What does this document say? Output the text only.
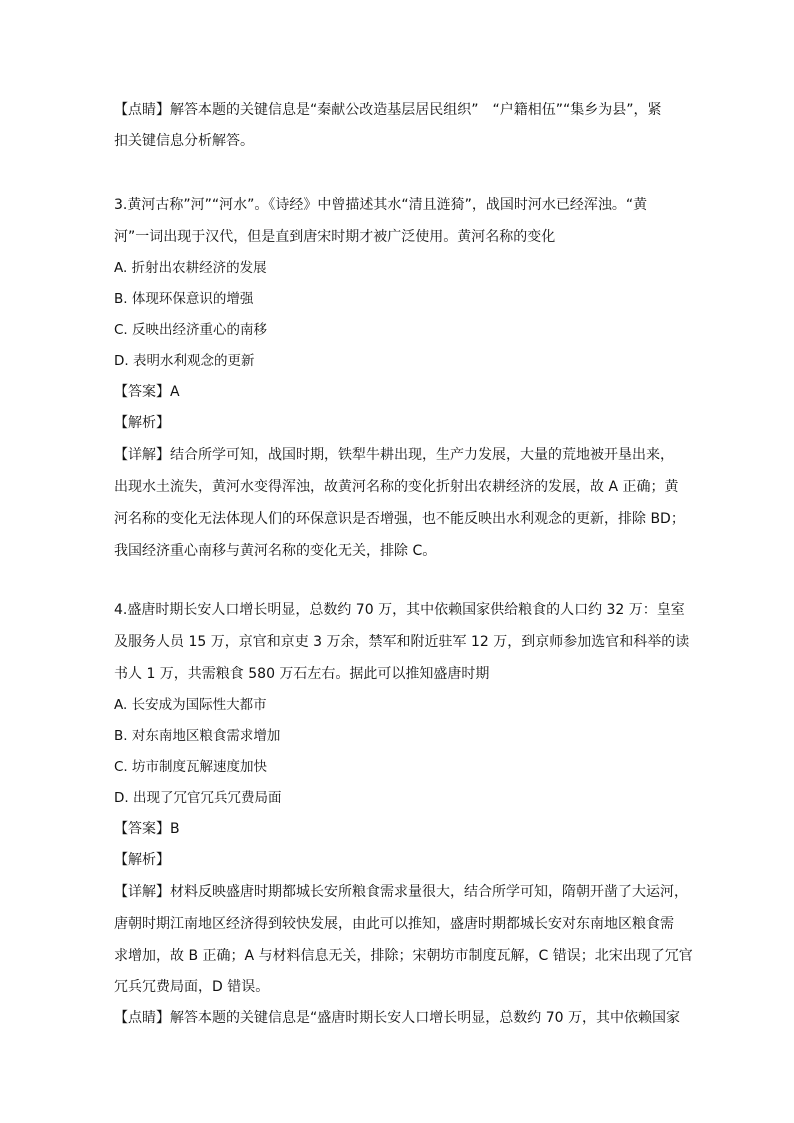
【点睛】解答本题的关键信息是“秦献公改造基层居民组织”　“户籍相伍”“集乡为县”，紧
扣关键信息分析解答。
3.黄河古称”河”“河水”。《诗经》中曾描述其水“清且涟猗”，战国时河水已经浑浊。“黄
河”一词出现于汉代，但是直到唐宋时期才被广泛使用。黄河名称的变化
A. 折射出农耕经济的发展
B. 体现环保意识的增强
C. 反映出经济重心的南移
D. 表明水利观念的更新
【答案】A
【解析】
【详解】结合所学可知，战国时期，铁犁牛耕出现，生产力发展，大量的荒地被开垦出来，
出现水土流失，黄河水变得浑浊，故黄河名称的变化折射出农耕经济的发展，故 A 正确；黄
河名称的变化无法体现人们的环保意识是否增强，也不能反映出水利观念的更新，排除 BD；
我国经济重心南移与黄河名称的变化无关，排除 C。
4.盛唐时期长安人口增长明显，总数约 70 万，其中依赖国家供给粮食的人口约 32 万：皇室
及服务人员 15 万，京官和京吏 3 万余，禁军和附近驻军 12 万，到京师参加选官和科举的读
书人 1 万，共需粮食 580 万石左右。据此可以推知盛唐时期
A. 长安成为国际性大都市
B. 对东南地区粮食需求增加
C. 坊市制度瓦解速度加快
D. 出现了冗官冗兵冗费局面
【答案】B
【解析】
【详解】材料反映盛唐时期都城长安所粮食需求量很大，结合所学可知，隋朝开凿了大运河，
唐朝时期江南地区经济得到较快发展，由此可以推知，盛唐时期都城长安对东南地区粮食需
求增加，故 B 正确；A 与材料信息无关，排除；宋朝坊市制度瓦解，C 错误；北宋出现了冗官
冗兵冗费局面，D 错误。
【点睛】解答本题的关键信息是“盛唐时期长安人口增长明显，总数约 70 万，其中依赖国家
